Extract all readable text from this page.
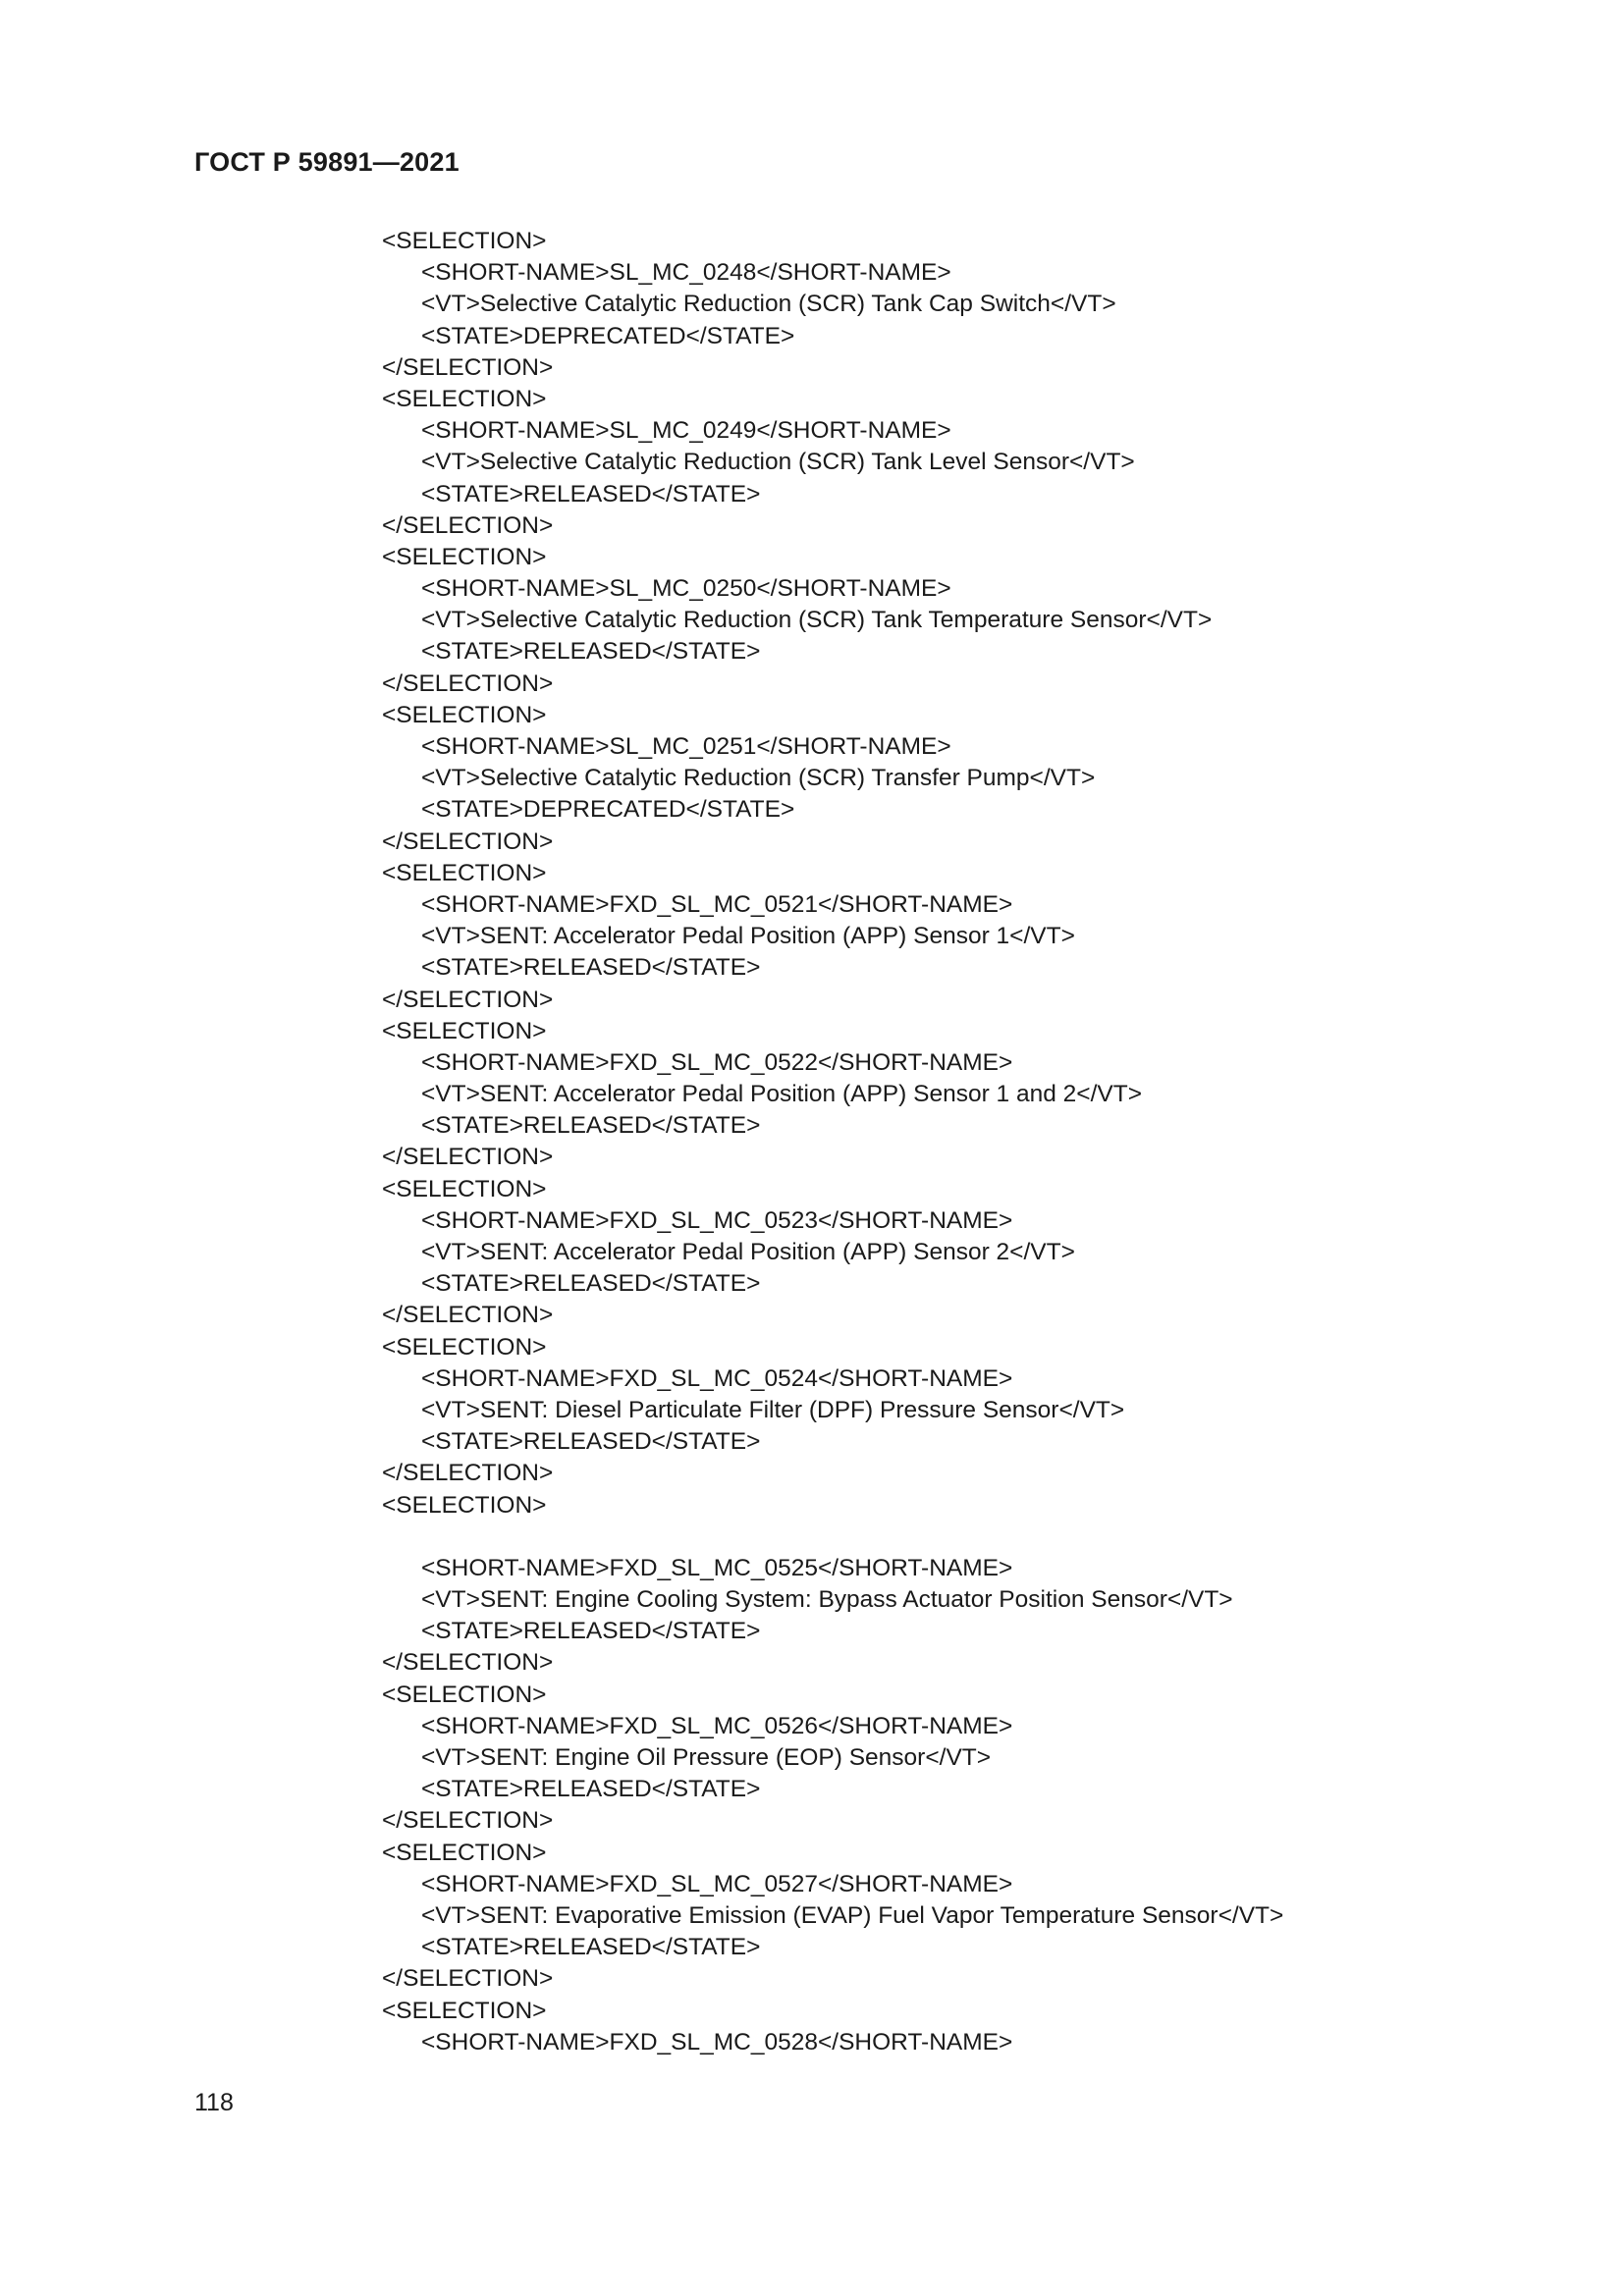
ГОСТ Р 59891—2021
<SELECTION>
<SHORT-NAME>SL_MC_0248</SHORT-NAME>
<VT>Selective Catalytic Reduction (SCR) Tank Cap Switch</VT>
<STATE>DEPRECATED</STATE>
</SELECTION>
<SELECTION>
<SHORT-NAME>SL_MC_0249</SHORT-NAME>
<VT>Selective Catalytic Reduction (SCR) Tank Level Sensor</VT>
<STATE>RELEASED</STATE>
</SELECTION>
<SELECTION>
<SHORT-NAME>SL_MC_0250</SHORT-NAME>
<VT>Selective Catalytic Reduction (SCR) Tank Temperature Sensor</VT>
<STATE>RELEASED</STATE>
</SELECTION>
<SELECTION>
<SHORT-NAME>SL_MC_0251</SHORT-NAME>
<VT>Selective Catalytic Reduction (SCR) Transfer Pump</VT>
<STATE>DEPRECATED</STATE>
</SELECTION>
<SELECTION>
<SHORT-NAME>FXD_SL_MC_0521</SHORT-NAME>
<VT>SENT: Accelerator Pedal Position (APP) Sensor 1</VT>
<STATE>RELEASED</STATE>
</SELECTION>
<SELECTION>
<SHORT-NAME>FXD_SL_MC_0522</SHORT-NAME>
<VT>SENT: Accelerator Pedal Position (APP) Sensor 1 and 2</VT>
<STATE>RELEASED</STATE>
</SELECTION>
<SELECTION>
<SHORT-NAME>FXD_SL_MC_0523</SHORT-NAME>
<VT>SENT: Accelerator Pedal Position (APP) Sensor 2</VT>
<STATE>RELEASED</STATE>
</SELECTION>
<SELECTION>
<SHORT-NAME>FXD_SL_MC_0524</SHORT-NAME>
<VT>SENT: Diesel Particulate Filter (DPF) Pressure Sensor</VT>
<STATE>RELEASED</STATE>
</SELECTION>
<SELECTION>
<SHORT-NAME>FXD_SL_MC_0525</SHORT-NAME>
<VT>SENT: Engine Cooling System: Bypass Actuator Position Sensor</VT>
<STATE>RELEASED</STATE>
</SELECTION>
<SELECTION>
<SHORT-NAME>FXD_SL_MC_0526</SHORT-NAME>
<VT>SENT: Engine Oil Pressure (EOP) Sensor</VT>
<STATE>RELEASED</STATE>
</SELECTION>
<SELECTION>
<SHORT-NAME>FXD_SL_MC_0527</SHORT-NAME>
<VT>SENT: Evaporative Emission (EVAP) Fuel Vapor Temperature Sensor</VT>
<STATE>RELEASED</STATE>
</SELECTION>
<SELECTION>
<SHORT-NAME>FXD_SL_MC_0528</SHORT-NAME>
118
